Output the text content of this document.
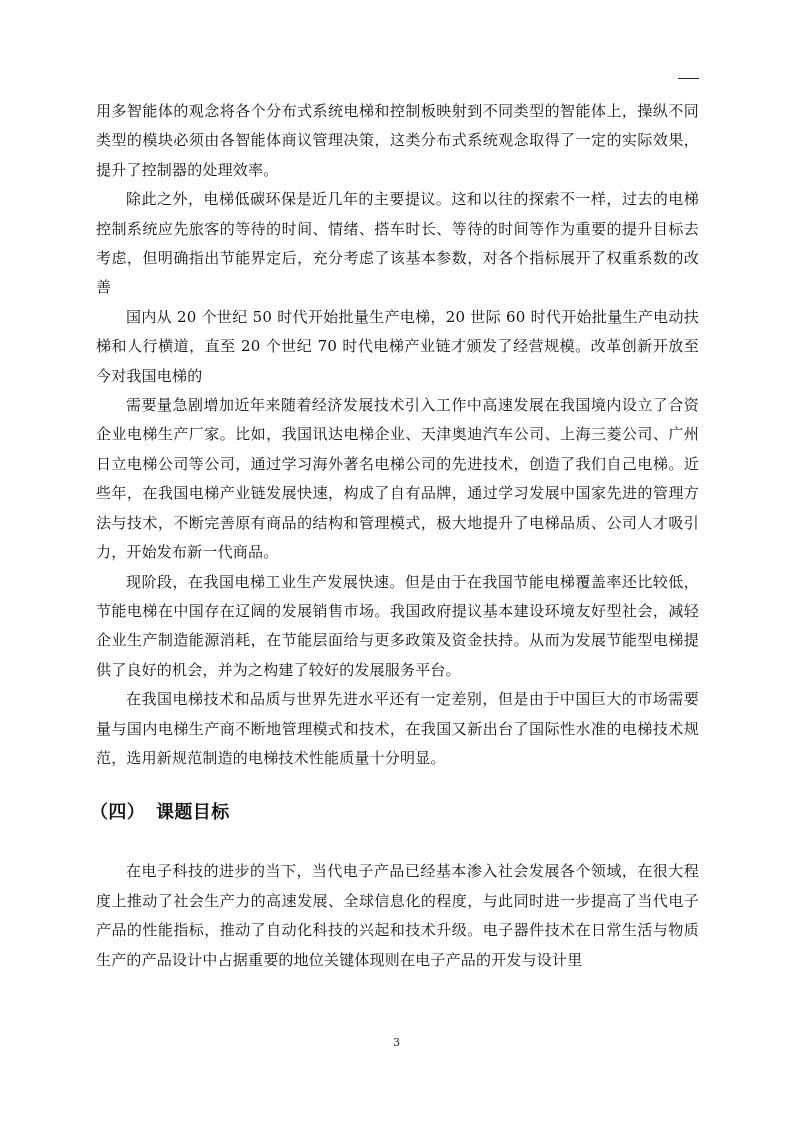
用多智能体的观念将各个分布式系统电梯和控制板映射到不同类型的智能体上，操纵不同类型的模块必须由各智能体商议管理决策，这类分布式系统观念取得了一定的实际效果，提升了控制器的处理效率。

除此之外，电梯低碳环保是近几年的主要提议。这和以往的探索不一样，过去的电梯控制系统应先旅客的等待的时间、情绪、搭车时长、等待的时间等作为重要的提升目标去考虑，但明确指出节能界定后，充分考虑了该基本参数，对各个指标展开了权重系数的改善

国内从 20 个世纪 50 时代开始批量生产电梯，20 世际 60 时代开始批量生产电动扶梯和人行横道，直至 20 个世纪 70 时代电梯产业链才颁发了经营规模。改革创新开放至今对我国电梯的

需要量急剧增加近年来随着经济发展技术引入工作中高速发展在我国境内设立了合资企业电梯生产厂家。比如，我国讯达电梯企业、天津奥迪汽车公司、上海三菱公司、广州日立电梯公司等公司，通过学习海外著名电梯公司的先进技术，创造了我们自己电梯。近些年，在我国电梯产业链发展快速，构成了自有品牌，通过学习发展中国家先进的管理方法与技术，不断完善原有商品的结构和管理模式，极大地提升了电梯品质、公司人才吸引力，开始发布新一代商品。

现阶段，在我国电梯工业生产发展快速。但是由于在我国节能电梯覆盖率还比较低，节能电梯在中国存在辽阔的发展销售市场。我国政府提议基本建设环境友好型社会，减轻企业生产制造能源消耗，在节能层面给与更多政策及资金扶持。从而为发展节能型电梯提供了良好的机会，并为之构建了较好的发展服务平台。

在我国电梯技术和品质与世界先进水平还有一定差别，但是由于中国巨大的市场需要量与国内电梯生产商不断地管理模式和技术，在我国又新出台了国际性水准的电梯技术规范，选用新规范制造的电梯技术性能质量十分明显。

（四） 课题目标

在电子科技的进步的当下，当代电子产品已经基本渗入社会发展各个领域，在很大程度上推动了社会生产力的高速发展、全球信息化的程度，与此同时进一步提高了当代电子产品的性能指标，推动了自动化科技的兴起和技术升级。电子器件技术在日常生活与物质生产的产品设计中占据重要的地位关键体现则在电子产品的开发与设计里

3
